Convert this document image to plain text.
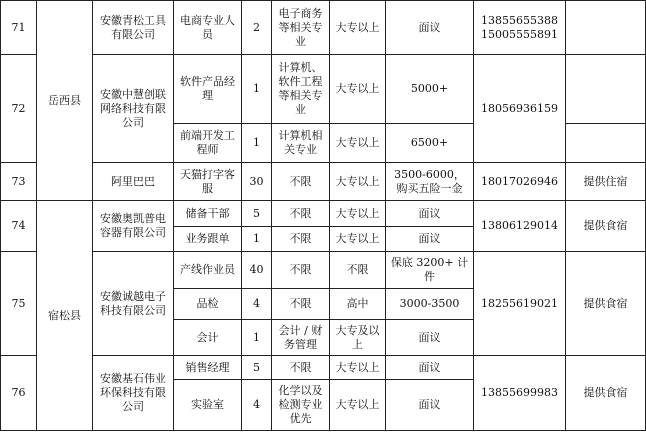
71	岳西县	安徽青松工具有限公司	电商专业人员	2	电子商务等相关专业	大专以上	面议	13855655388 15005555891	
72		安徽中慧创联网络科技有限公司	软件产品经理	1	计算机、软件工程等相关专业	大专以上	5000+	18056936159	
			前端开发工程师	1	计算机相关专业	大专以上	6500+		
73		阿里巴巴	天猫打字客服	30	不限	大专以上	3500-6000，购买五险一金	18017026946	提供住宿
74	宿松县	安徽奥凯普电容器有限公司	储备干部	5	不限	大专以上	面议	13806129014	提供食宿
			业务跟单	1	不限	大专以上	面议		
75		安徽诚越电子科技有限公司	产线作业员	40	不限	不限	保底 3200+ 计件	18255619021	提供食宿
			品检	4	不限	高中	3000-3500		
			会计	1	会计 / 财务管理	大专及以上	面议		
76		安徽基石伟业环保科技有限公司	销售经理	5	不限	大专以上	面议	13855699983	提供食宿
			实验室	4	化学以及检测专业优先	大专以上	面议		
